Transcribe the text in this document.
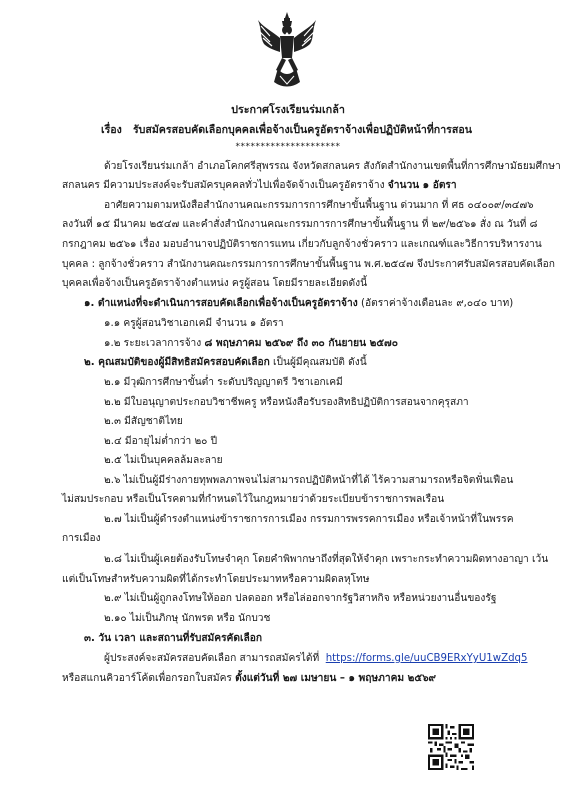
ประกาศโรงเรียนร่มเกล้า
เรื่อง รับสมัครสอบคัดเลือกบุคคลเพื่อจ้างเป็นครูอัตราจ้างเพื่อปฏิบัติหน้าที่การสอน
*********************
ด้วยโรงเรียนร่มเกล้า อำเภอโคกศรีสุพรรณ จังหวัดสกลนคร สังกัดสำนักงานเขตพื้นที่การศึกษามัธยมศึกษา
สกลนคร มีความประสงค์จะรับสมัครบุคคลทั่วไปเพื่อจัดจ้างเป็นครูอัตราจ้าง จำนวน ๑ อัตรา
อาศัยความตามหนังสือสำนักงานคณะกรรมการการศึกษาขั้นพื้นฐาน ด่วนมาก ที่ ศธ ๐๔๐๐๙/๓๔๗๖
ลงวันที่ ๑๕ มีนาคม ๒๕๔๗ และคำสั่งสำนักงานคณะกรรมการการศึกษาขั้นพื้นฐาน ที่ ๒๙/๒๕๖๑ สั่ง ณ วันที่ ๘
กรกฎาคม ๒๕๖๑ เรื่อง มอบอำนาจปฏิบัติราชการแทน เกี่ยวกับลูกจ้างชั่วคราว และเกณฑ์และวิธีการบริหารงาน
บุคคล : ลูกจ้างชั่วคราว สำนักงานคณะกรรมการการศึกษาขั้นพื้นฐาน พ.ศ.๒๕๔๗ จึงประกาศรับสมัครสอบคัดเลือก
บุคคลเพื่อจ้างเป็นครูอัตราจ้างตำแหน่ง ครูผู้สอน โดยมีรายละเอียดดังนี้
๑. ตำแหน่งที่จะดำเนินการสอบคัดเลือกเพื่อจ้างเป็นครูอัตราจ้าง (อัตราค่าจ้างเดือนละ ๙,๐๔๐ บาท)
๑.๑ ครูผู้สอนวิชาเอกเคมี จำนวน ๑ อัตรา
๑.๒ ระยะเวลาการจ้าง ๘ พฤษภาคม ๒๕๖๙ ถึง ๓๐ กันยายน ๒๕๗๐
๒. คุณสมบัติของผู้มีสิทธิสมัครสอบคัดเลือก เป็นผู้มีคุณสมบัติ ดังนี้
๒.๑ มีวุฒิการศึกษาขั้นต่ำ ระดับปริญญาตรี วิชาเอกเคมี
๒.๒ มีใบอนุญาตประกอบวิชาชีพครู หรือหนังสือรับรองสิทธิปฏิบัติการสอนจากคุรุสภา
๒.๓ มีสัญชาติไทย
๒.๔ มีอายุไม่ต่ำกว่า ๒๐ ปี
๒.๕ ไม่เป็นบุคคลล้มละลาย
๒.๖ ไม่เป็นผู้มีร่างกายทุพพลภาพจนไม่สามารถปฏิบัติหน้าที่ได้ ไร้ความสามารถหรือจิตฟั่นเฟือน
ไม่สมประกอบ หรือเป็นโรคตามที่กำหนดไว้ในกฎหมายว่าด้วยระเบียบข้าราชการพลเรือน
๒.๗ ไม่เป็นผู้ดำรงตำแหน่งข้าราชการการเมือง กรรมการพรรคการเมือง หรือเจ้าหน้าที่ในพรรค
การเมือง
๒.๘ ไม่เป็นผู้เคยต้องรับโทษจำคุก โดยคำพิพากษาถึงที่สุดให้จำคุก เพราะกระทำความผิดทางอาญา เว้น
แต่เป็นโทษสำหรับความผิดที่ได้กระทำโดยประมาทหรือความผิดลหุโทษ
๒.๙ ไม่เป็นผู้ถูกลงโทษให้ออก ปลดออก หรือไล่ออกจากรัฐวิสาหกิจ หรือหน่วยงานอื่นของรัฐ
๒.๑๐ ไม่เป็นภิกษุ นักพรต หรือ นักบวช
๓. วัน เวลา และสถานที่รับสมัครคัดเลือก
ผู้ประสงค์จะสมัครสอบคัดเลือก สามารถสมัครได้ที่ https://forms.gle/uuCB9ERxYyU1wZdq5
หรือสแกนคิวอาร์โค้ดเพื่อกรอกใบสมัคร ตั้งแต่วันที่ ๒๗ เมษายน – ๑ พฤษภาคม ๒๕๖๙
